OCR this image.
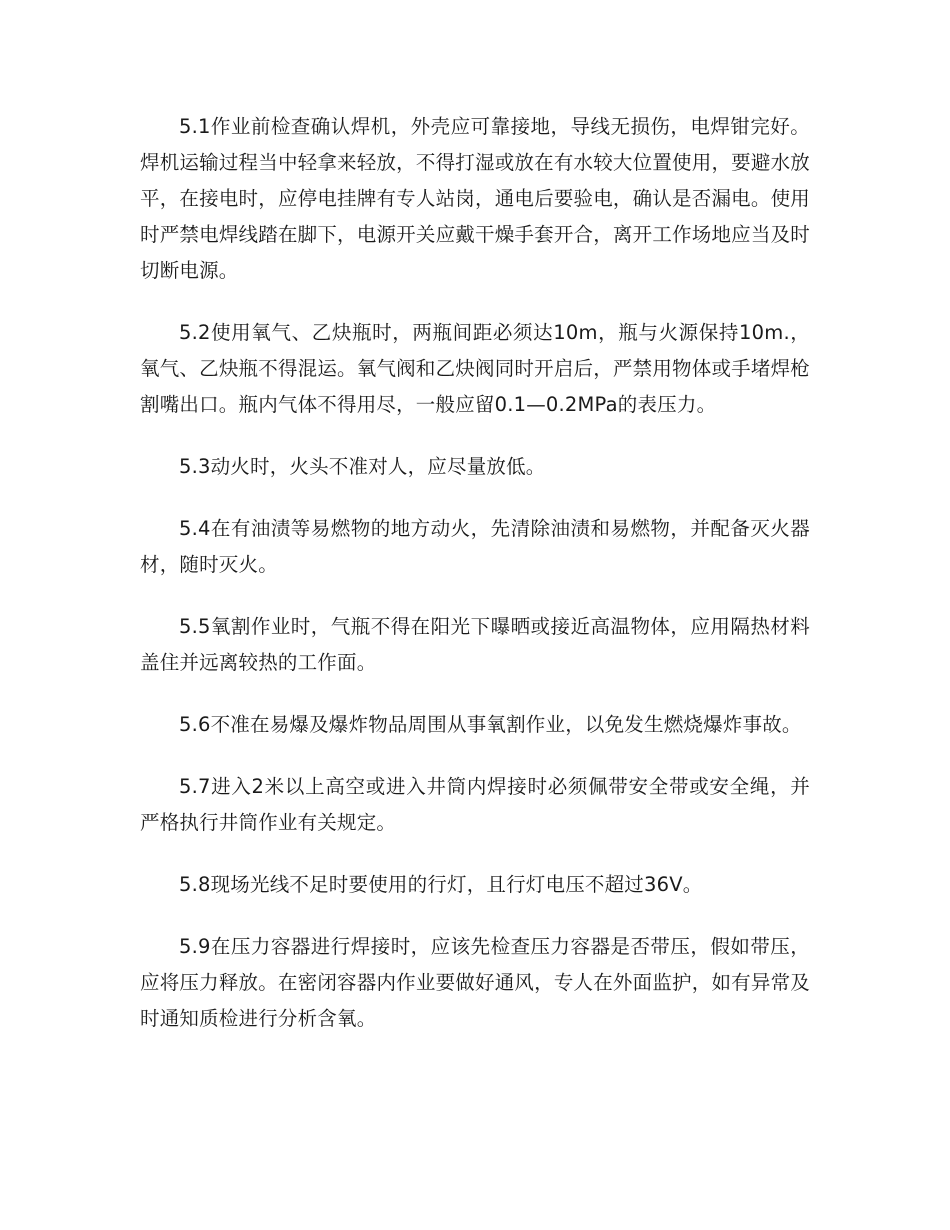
5.1作业前检查确认焊机，外壳应可靠接地，导线无损伤，电焊钳完好。焊机运输过程当中轻拿来轻放，不得打湿或放在有水较大位置使用，要避水放平，在接电时，应停电挂牌有专人站岗，通电后要验电，确认是否漏电。使用时严禁电焊线踏在脚下，电源开关应戴干燥手套开合，离开工作场地应当及时切断电源。

5.2使用氧气、乙炔瓶时，两瓶间距必须达10m，瓶与火源保持10m.，氧气、乙炔瓶不得混运。氧气阀和乙炔阀同时开启后，严禁用物体或手堵焊枪割嘴出口。瓶内气体不得用尽，一般应留0.1—0.2MPa的表压力。

5.3动火时，火头不准对人，应尽量放低。

5.4在有油渍等易燃物的地方动火，先清除油渍和易燃物，并配备灭火器材，随时灭火。

5.5氧割作业时，气瓶不得在阳光下曝晒或接近高温物体，应用隔热材料盖住并远离较热的工作面。

5.6不准在易爆及爆炸物品周围从事氧割作业，以免发生燃烧爆炸事故。

5.7进入2米以上高空或进入井筒内焊接时必须佩带安全带或安全绳，并严格执行井筒作业有关规定。

5.8现场光线不足时要使用的行灯，且行灯电压不超过36V。

5.9在压力容器进行焊接时，应该先检查压力容器是否带压，假如带压，应将压力释放。在密闭容器内作业要做好通风，专人在外面监护，如有异常及时通知质检进行分析含氧。
